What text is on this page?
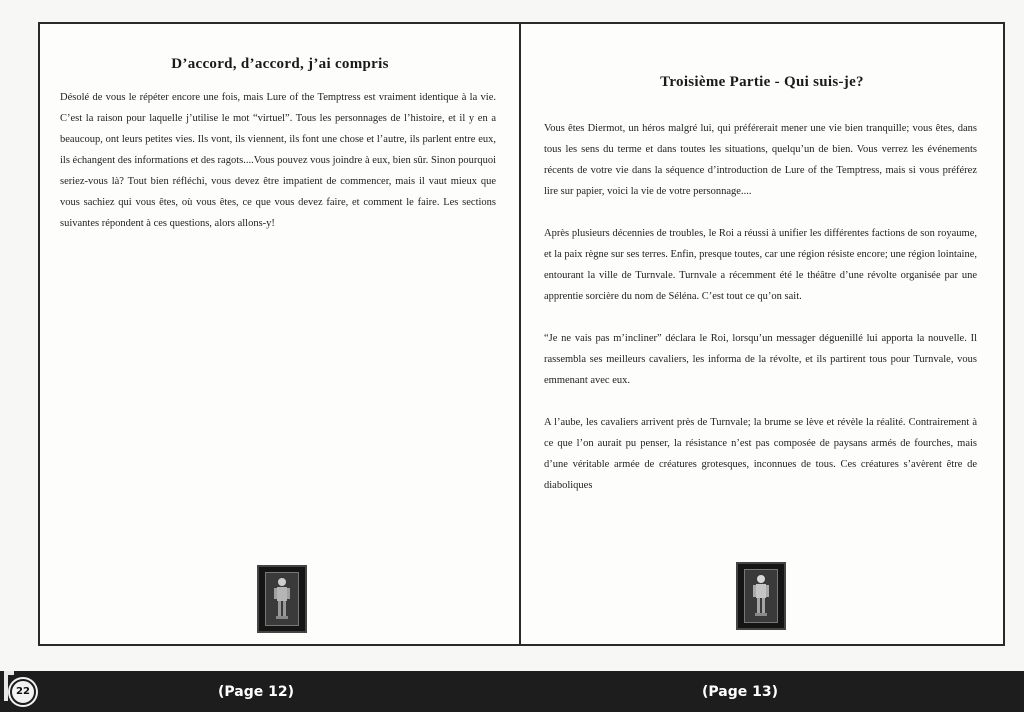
D’accord, d’accord, j’ai compris

Désolé de vous le répéter encore une fois, mais Lure of the Temptress est vraiment identique à la vie. C’est la raison pour laquelle j’utilise le mot “virtuel”. Tous les personnages de l’histoire, et il y en a beaucoup, ont leurs petites vies. Ils vont, ils viennent, ils font une chose et l’autre, ils parlent entre eux, ils échangent des informations et des ragots....Vous pouvez vous joindre à eux, bien sûr. Sinon pourquoi seriez-vous là? Tout bien réfléchi, vous devez être impatient de commencer, mais il vaut mieux que vous sachiez qui vous êtes, où vous êtes, ce que vous devez faire, et comment le faire. Les sections suivantes répondent à ces questions, alors allons-y!

Troisième Partie - Qui suis-je?

Vous êtes Diermot, un héros malgré lui, qui préférerait mener une vie bien tranquille; vous êtes, dans tous les sens du terme et dans toutes les situations, quelqu’un de bien. Vous verrez les événements récents de votre vie dans la séquence d’introduction de Lure of the Temptress, mais si vous préférez lire sur papier, voici la vie de votre personnage....

Après plusieurs décennies de troubles, le Roi a réussi à unifier les différentes factions de son royaume, et la paix règne sur ses terres. Enfin, presque toutes, car une région résiste encore; une région lointaine, entourant la ville de Turnvale. Turnvale a récemment été le théâtre d’une révolte organisée par une apprentie sorcière du nom de Séléna. C’est tout ce qu’on sait.

“Je ne vais pas m’incliner” déclara le Roi, lorsqu’un messager déguenillé lui apporta la nouvelle. Il rassembla ses meilleurs cavaliers, les informa de la révolte, et ils partirent tous pour Turnvale, vous emmenant avec eux.

A l’aube, les cavaliers arrivent près de Turnvale; la brume se lève et révèle la réalité. Contrairement à ce que l’on aurait pu penser, la résistance n’est pas composée de paysans armés de fourches, mais d’une véritable armée de créatures grotesques, inconnues de tous. Ces créatures s’avèrent être de diaboliques

22	(Page 12)	(Page 13)
